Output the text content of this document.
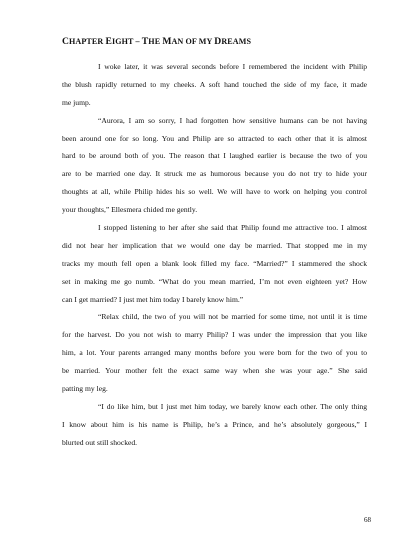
CHAPTER EIGHT – THE MAN OF MY DREAMS
I woke later, it was several seconds before I remembered the incident with Philip
the blush rapidly returned to my cheeks. A soft hand touched the side of my face, it made
me jump.
“Aurora, I am so sorry, I had forgotten how sensitive humans can be not having
been around one for so long. You and Philip are so attracted to each other that it is almost
hard to be around both of you. The reason that I laughed earlier is because the two of you
are to be married one day. It struck me as humorous because you do not try to hide your
thoughts at all, while Philip hides his so well. We will have to work on helping you control
your thoughts,” Ellesmera chided me gently.
I stopped listening to her after she said that Philip found me attractive too. I almost
did not hear her implication that we would one day be married. That stopped me in my
tracks my mouth fell open a blank look filled my face. “Married?” I stammered the shock
set in making me go numb. “What do you mean married, I’m not even eighteen yet? How
can I get married? I just met him today I barely know him.”
“Relax child, the two of you will not be married for some time, not until it is time
for the harvest. Do you not wish to marry Philip? I was under the impression that you like
him, a lot. Your parents arranged many months before you were born for the two of you to
be married. Your mother felt the exact same way when she was your age.” She said
patting my leg.
“I do like him, but I just met him today, we barely know each other. The only thing
I know about him is his name is Philip, he’s a Prince, and he’s absolutely gorgeous,” I
blurted out still shocked.
68
